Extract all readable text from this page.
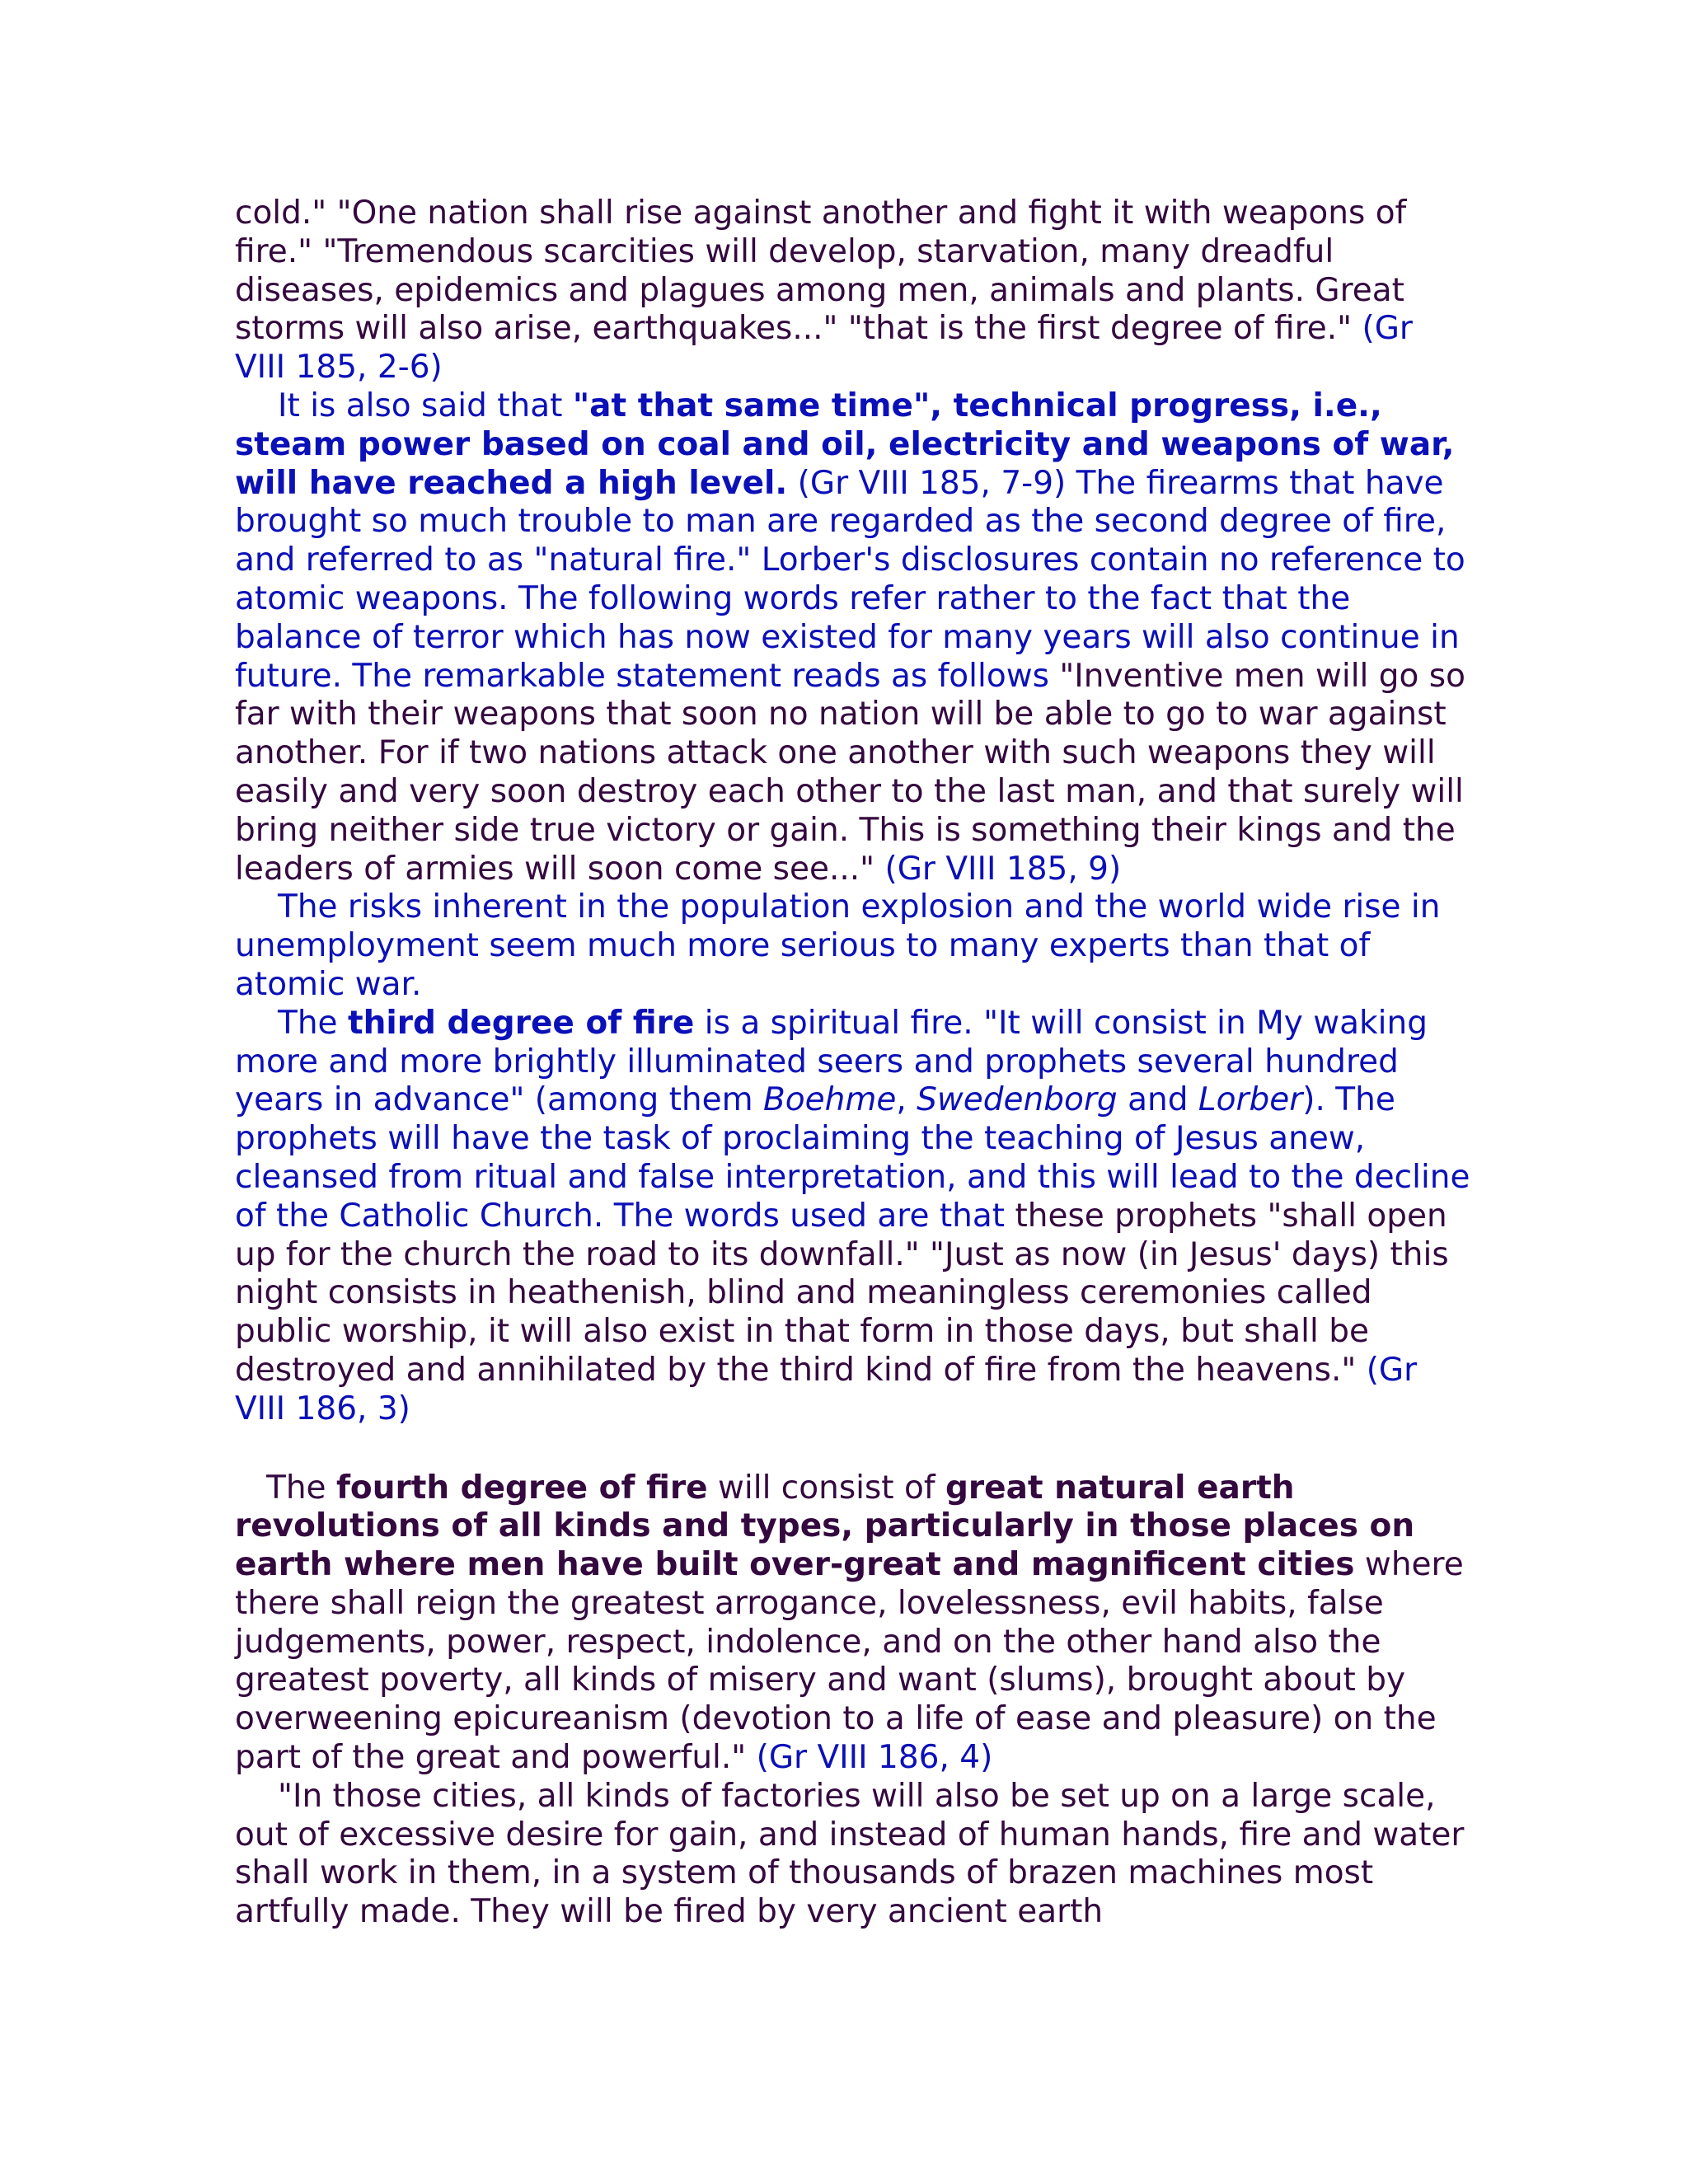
cold." "One nation shall rise against another and fight it with weapons of fire." "Tremendous scarcities will develop, starvation, many dreadful diseases, epidemics and plagues among men, animals and plants. Great storms will also arise, earthquakes..." "that is the first degree of fire." (Gr VIII 185, 2-6)

It is also said that "at that same time", technical progress, i.e., steam power based on coal and oil, electricity and weapons of war, will have reached a high level. (Gr VIII 185, 7-9) The firearms that have brought so much trouble to man are regarded as the second degree of fire, and referred to as "natural fire." Lorber's disclosures contain no reference to atomic weapons. The following words refer rather to the fact that the balance of terror which has now existed for many years will also continue in future. The remarkable statement reads as follows "Inventive men will go so far with their weapons that soon no nation will be able to go to war against another. For if two nations attack one another with such weapons they will easily and very soon destroy each other to the last man, and that surely will bring neither side true victory or gain. This is something their kings and the leaders of armies will soon come see..." (Gr VIII 185, 9)

The risks inherent in the population explosion and the world wide rise in unemployment seem much more serious to many experts than that of atomic war.

The third degree of fire is a spiritual fire. "It will consist in My waking more and more brightly illuminated seers and prophets several hundred years in advance" (among them Boehme, Swedenborg and Lorber). The prophets will have the task of proclaiming the teaching of Jesus anew, cleansed from ritual and false interpretation, and this will lead to the decline of the Catholic Church. The words used are that these prophets "shall open up for the church the road to its downfall." "Just as now (in Jesus' days) this night consists in heathenish, blind and meaningless ceremonies called public worship, it will also exist in that form in those days, but shall be destroyed and annihilated by the third kind of fire from the heavens." (Gr VIII 186, 3)

The fourth degree of fire will consist of great natural earth revolutions of all kinds and types, particularly in those places on earth where men have built over-great and magnificent cities where there shall reign the greatest arrogance, lovelessness, evil habits, false judgements, power, respect, indolence, and on the other hand also the greatest poverty, all kinds of misery and want (slums), brought about by overweening epicureanism (devotion to a life of ease and pleasure) on the part of the great and powerful." (Gr VIII 186, 4)

"In those cities, all kinds of factories will also be set up on a large scale, out of excessive desire for gain, and instead of human hands, fire and water shall work in them, in a system of thousands of brazen machines most artfully made. They will be fired by very ancient earth
